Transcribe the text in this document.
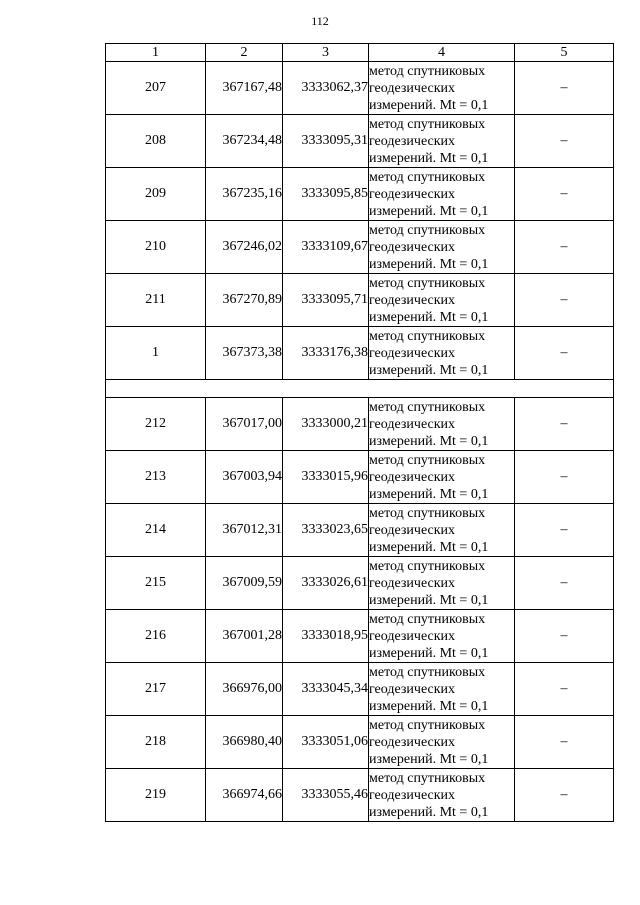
112
1	2	3	4	5
207	367167,48	3333062,37	метод спутниковых
геодезических
измерений. Mt = 0,1	–
208	367234,48	3333095,31	метод спутниковых
геодезических
измерений. Mt = 0,1	–
209	367235,16	3333095,85	метод спутниковых
геодезических
измерений. Mt = 0,1	–
210	367246,02	3333109,67	метод спутниковых
геодезических
измерений. Mt = 0,1	–
211	367270,89	3333095,71	метод спутниковых
геодезических
измерений. Mt = 0,1	–
1	367373,38	3333176,38	метод спутниковых
геодезических
измерений. Mt = 0,1	–

212	367017,00	3333000,21	метод спутниковых
геодезических
измерений. Mt = 0,1	–
213	367003,94	3333015,96	метод спутниковых
геодезических
измерений. Mt = 0,1	–
214	367012,31	3333023,65	метод спутниковых
геодезических
измерений. Mt = 0,1	–
215	367009,59	3333026,61	метод спутниковых
геодезических
измерений. Mt = 0,1	–
216	367001,28	3333018,95	метод спутниковых
геодезических
измерений. Mt = 0,1	–
217	366976,00	3333045,34	метод спутниковых
геодезических
измерений. Mt = 0,1	–
218	366980,40	3333051,06	метод спутниковых
геодезических
измерений. Mt = 0,1	–
219	366974,66	3333055,46	метод спутниковых
геодезических
измерений. Mt = 0,1	–
